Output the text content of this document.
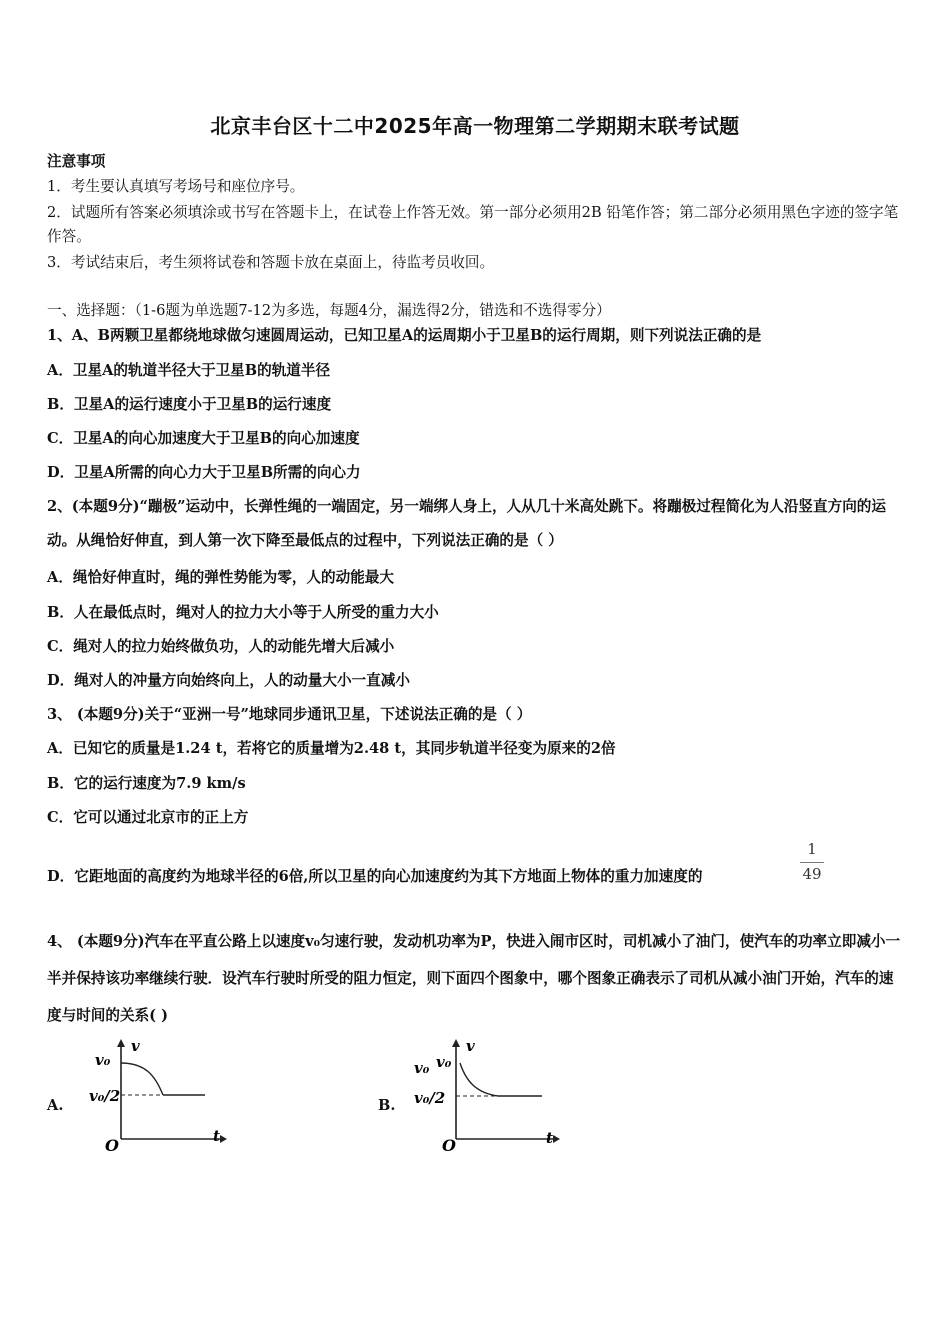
北京丰台区十二中2025年高一物理第二学期期末联考试题
注意事项
1．考生要认真填写考场号和座位序号。
2．试题所有答案必须填涂或书写在答题卡上，在试卷上作答无效。第一部分必须用2B 铅笔作答；第二部分必须用黑色字迹的签字笔作答。
3．考试结束后，考生须将试卷和答题卡放在桌面上，待监考员收回。
一、选择题：（1-6题为单选题7-12为多选，每题4分，漏选得2分，错选和不选得零分）
1、A、B两颗卫星都绕地球做匀速圆周运动，已知卫星A的运周期小于卫星B的运行周期，则下列说法正确的是
A．卫星A的轨道半径大于卫星B的轨道半径
B．卫星A的运行速度小于卫星B的运行速度
C．卫星A的向心加速度大于卫星B的向心加速度
D．卫星A所需的向心力大于卫星B所需的向心力
2、(本题9分)“蹦极”运动中，长弹性绳的一端固定，另一端绑人身上，人从几十米高处跳下。将蹦极过程简化为人沿竖直方向的运动。从绳恰好伸直，到人第一次下降至最低点的过程中，下列说法正确的是（ ）
A．绳恰好伸直时，绳的弹性势能为零，人的动能最大
B．人在最低点时，绳对人的拉力大小等于人所受的重力大小
C．绳对人的拉力始终做负功，人的动能先增大后减小
D．绳对人的冲量方向始终向上，人的动量大小一直减小
3、 (本题9分)关于“亚洲一号”地球同步通讯卫星，下述说法正确的是（ ）
A．已知它的质量是1.24 t，若将它的质量增为2.48 t，其同步轨道半径变为原来的2倍
B．它的运行速度为7.9 km/s
C．它可以通过北京市的正上方
D．它距地面的高度约为地球半径的6倍,所以卫星的向心加速度约为其下方地面上物体的重力加速度的
1
49
4、 (本题9分)汽车在平直公路上以速度v₀匀速行驶，发动机功率为P，快进入闹市区时，司机减小了油门，使汽车的功率立即减小一半并保持该功率继续行驶．设汽车行驶时所受的阻力恒定，则下面四个图象中，哪个图象正确表示了司机从减小油门开始，汽车的速度与时间的关系( )
A.
v
v₀
v₀/2
O	t
B.
v
v₀ v₀
v₀/2
O	t
